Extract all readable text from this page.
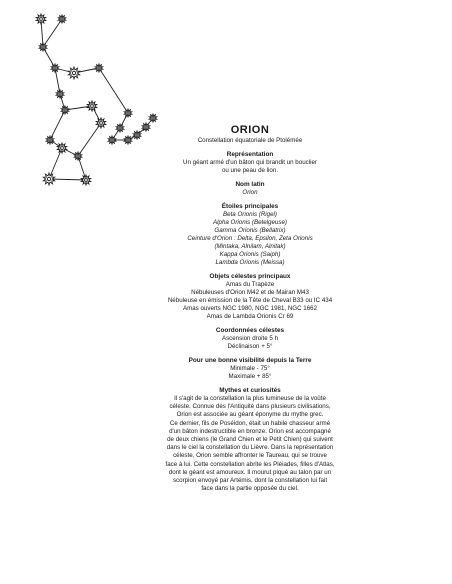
ORION
Constellation équatoriale de Ptolémée
Représentation
Un géant armé d'un bâton qui brandit un bouclier
ou une peau de lion.
Nom latin
Orion
Étoiles principales
Beta Orionis (Rigel)
Alpha Orionis (Betelgeuse)
Gamma Orionis (Bellatrix)
Ceinture d'Orion : Delta, Epsilon, Zeta Orionis
(Mintaka, Alnilam, Alnitak)
Kappa Orionis (Saiph)
Lambda Orionis (Meissa)
Objets célestes principaux
Amas du Trapèze
Nébuleuses d'Orion M42 et de Mairan M43
Nébuleuse en émission de la Tête de Cheval B33 ou IC 434
Amas ouverts NGC 1980, NGC 1981, NGC 1662
Amas de Lambda Orionis Cr 69
Coordonnées célestes
Ascension droite 5 h
Déclinaison + 5°
Pour une bonne visibilité depuis la Terre
Minimale - 75°
Maximale + 85°
Mythes et curiosités
Il s'agit de la constellation la plus lumineuse de la voûte
céleste. Connue dès l'Antiquité dans plusieurs civilisations,
Orion est associée au géant éponyme du mythe grec.
Ce dernier, fils de Poséidon, était un habile chasseur armé
d'un bâton indestructible en bronze. Orion est accompagné
de deux chiens (le Grand Chien et le Petit Chien) qui suivent
dans le ciel la constellation du Lièvre. Dans la représentation
céleste, Orion semble affronter le Taureau, qui se trouve
face à lui. Cette constellation abrite les Pléiades, filles d'Atlas,
dont le géant est amoureux. Il mourut piqué au talon par un
scorpion envoyé par Artémis, dont la constellation lui fait
face dans la partie opposée du ciel.
